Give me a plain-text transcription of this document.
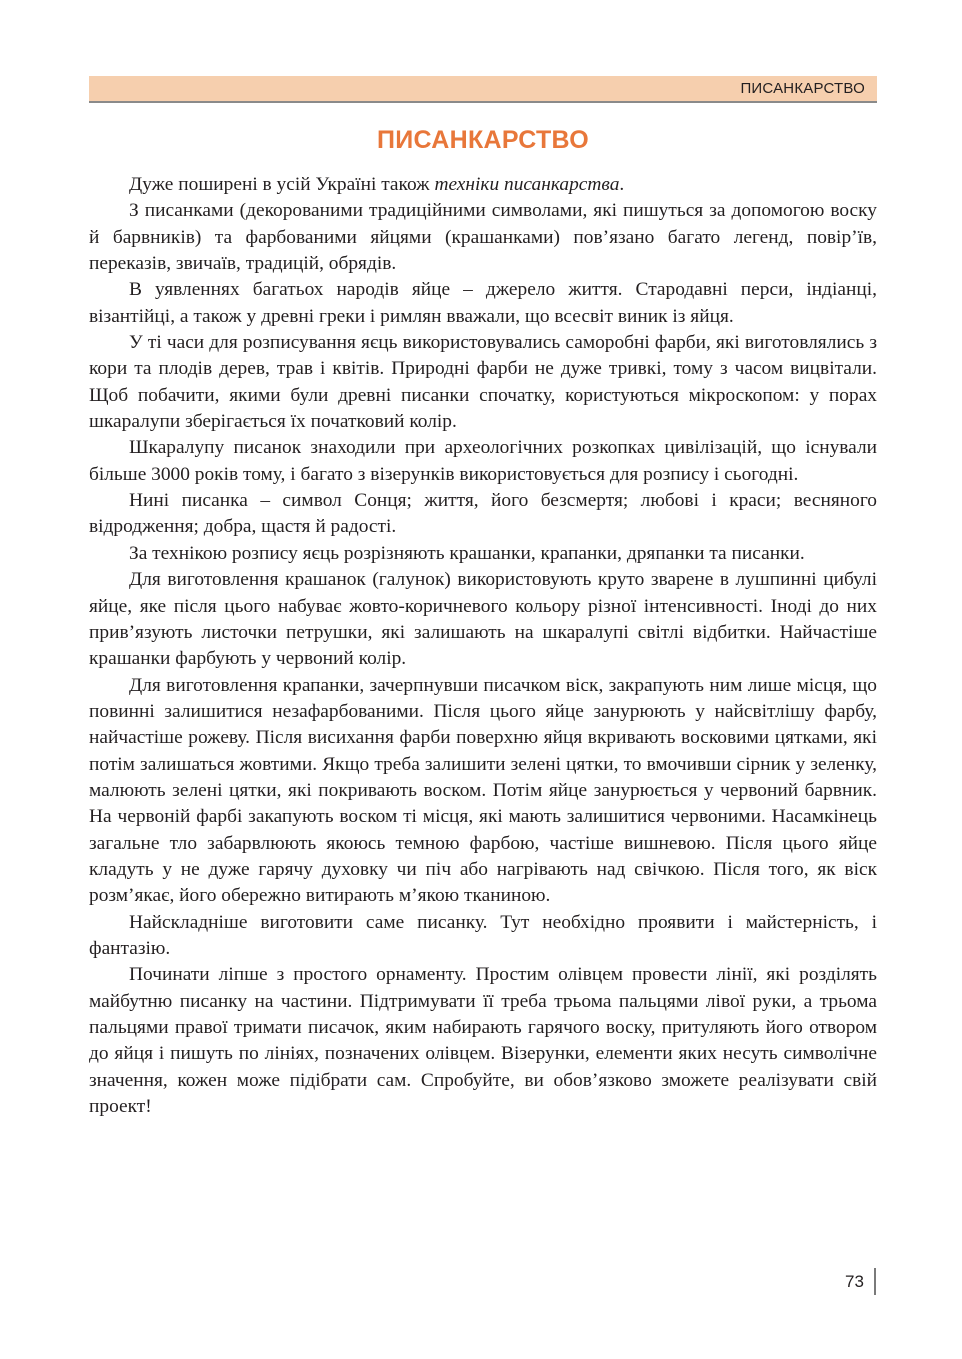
ПИСАНКАРСТВО
ПИСАНКАРСТВО

Дуже поширені в усій Україні також техніки писанкарства.

З писанками (декорованими традиційними символами, які пишуться за допомогою воску й барвників) та фарбованими яйцями (крашанками) пов’язано багато легенд, повір’їв, переказів, звичаїв, традицій, обрядів.

В уявленнях багатьох народів яйце – джерело життя. Стародавні перси, індіанці, візантійці, а також у древні греки і римлян вважали, що всесвіт виник із яйця.

У ті часи для розписування яєць використовувались саморобні фарби, які виготовлялись з кори та плодів дерев, трав і квітів. Природні фарби не дуже тривкі, тому з часом вицвітали. Щоб побачити, якими були древні писанки спочатку, користуються мікроскопом: у порах шкаралупи зберігається їх початковий колір.

Шкаралупу писанок знаходили при археологічних розкопках цивілізацій, що існували більше 3000 років тому, і багато з візерунків використовується для розпису і сьогодні.

Нині писанка – символ Сонця; життя, його безсмертя; любові і краси; весняного відродження; добра, щастя й радості.

За технікою розпису яєць розрізняють крашанки, крапанки, дряпанки та писанки.

Для виготовлення крашанок (галунок) використовують круто зварене в лушпинні цибулі яйце, яке після цього набуває жовто-коричневого кольору різної інтенсивності. Іноді до них прив’язують листочки петрушки, які залишають на шкаралупі світлі відбитки. Найчастіше крашанки фарбують у червоний колір.

Для виготовлення крапанки, зачерпнувши писачком віск, закрапують ним лише місця, що повинні залишитися незафарбованими. Після цього яйце занурюють у найсвітлішу фарбу, найчастіше рожеву. Після висихання фарби поверхню яйця вкривають восковими цятками, які потім залишаться жовтими. Якщо треба залишити зелені цятки, то вмочивши сірник у зеленку, малюють зелені цятки, які покривають воском. Потім яйце занурюється у червоний барвник. На червоній фарбі закапують воском ті місця, які мають залишитися червоними. Насамкінець загальне тло забарвлюють якоюсь темною фарбою, частіше вишневою. Після цього яйце кладуть у не дуже гарячу духовку чи піч або нагрівають над свічкою. Після того, як віск розм’якає, його обережно витирають м’якою тканиною.

Найскладніше виготовити саме писанку. Тут необхідно проявити і майстерність, і фантазію.

Починати ліпше з простого орнаменту. Простим олівцем провести лінії, які розділять майбутню писанку на частини. Підтримувати її треба трьома пальцями лівої руки, а трьома пальцями правої тримати писачок, яким набирають гарячого воску, притуляють його отвором до яйця і пишуть по лініях, позначених олівцем. Візерунки, елементи яких несуть символічне значення, кожен може підібрати сам. Спробуйте, ви обов’язково зможете реалізувати свій проект!

73
